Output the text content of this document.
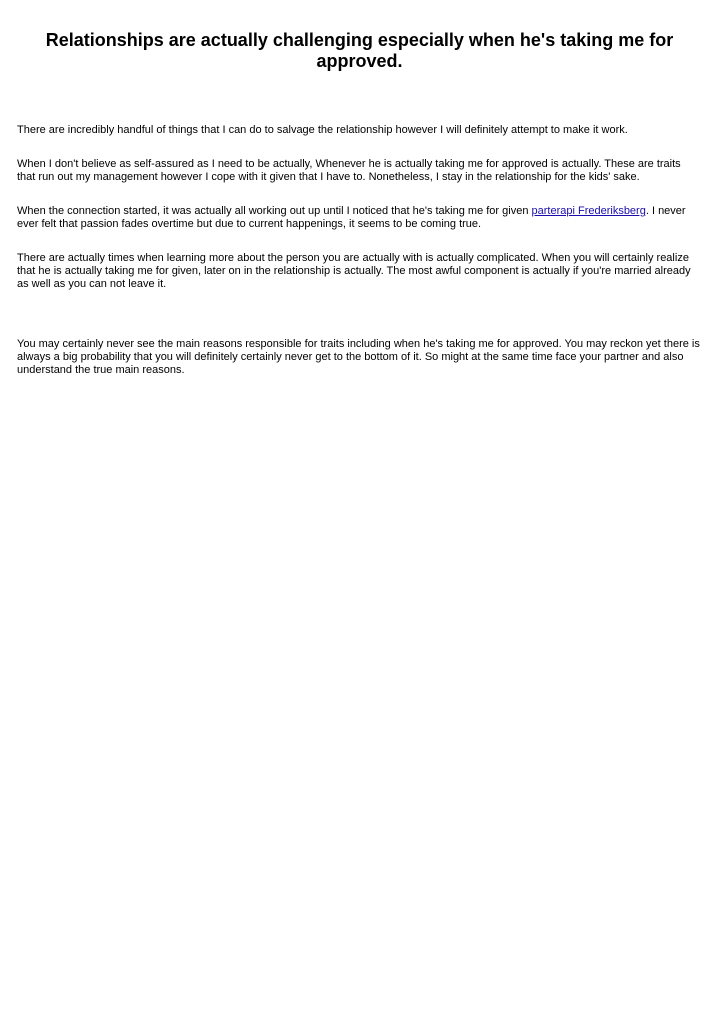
Relationships are actually challenging especially when he's taking me for approved.

There are incredibly handful of things that I can do to salvage the relationship however I will definitely attempt to make it work.

When I don't believe as self-assured as I need to be actually, Whenever he is actually taking me for approved is actually. These are traits that run out my management however I cope with it given that I have to. Nonetheless, I stay in the relationship for the kids' sake.

When the connection started, it was actually all working out up until I noticed that he's taking me for given parterapi Frederiksberg. I never ever felt that passion fades overtime but due to current happenings, it seems to be coming true.

There are actually times when learning more about the person you are actually with is actually complicated. When you will certainly realize that he is actually taking me for given, later on in the relationship is actually. The most awful component is actually if you're married already as well as you can not leave it.

You may certainly never see the main reasons responsible for traits including when he's taking me for approved. You may reckon yet there is always a big probability that you will definitely certainly never get to the bottom of it. So might at the same time face your partner and also understand the true main reasons.
